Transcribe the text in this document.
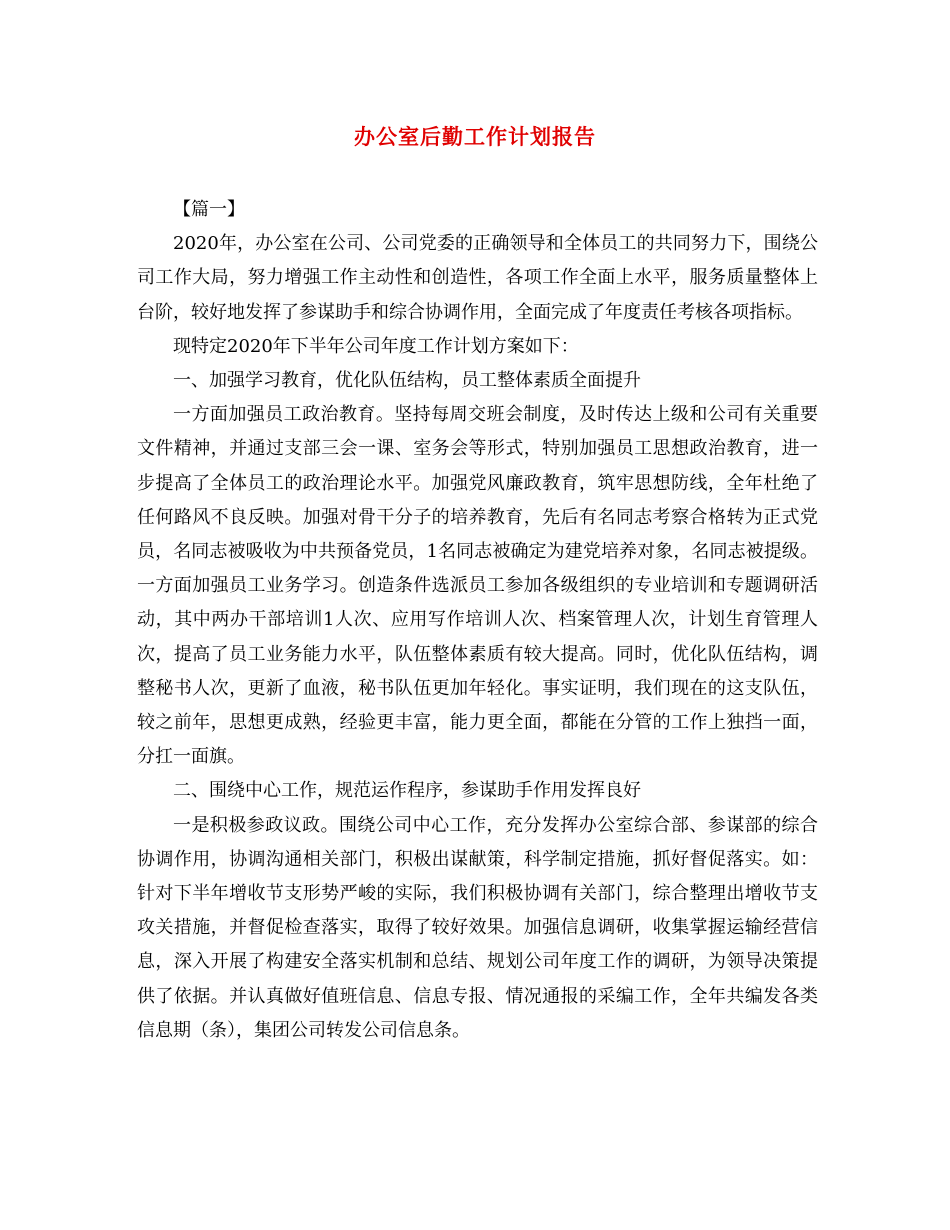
办公室后勤工作计划报告

【篇一】

2020年，办公室在公司、公司党委的正确领导和全体员工的共同努力下，围绕公司工作大局，努力增强工作主动性和创造性，各项工作全面上水平，服务质量整体上台阶，较好地发挥了参谋助手和综合协调作用，全面完成了年度责任考核各项指标。

现特定2020年下半年公司年度工作计划方案如下：

一、加强学习教育，优化队伍结构，员工整体素质全面提升

一方面加强员工政治教育。坚持每周交班会制度，及时传达上级和公司有关重要文件精神，并通过支部三会一课、室务会等形式，特别加强员工思想政治教育，进一步提高了全体员工的政治理论水平。加强党风廉政教育，筑牢思想防线，全年杜绝了任何路风不良反映。加强对骨干分子的培养教育，先后有名同志考察合格转为正式党员，名同志被吸收为中共预备党员，1名同志被确定为建党培养对象，名同志被提级。一方面加强员工业务学习。创造条件选派员工参加各级组织的专业培训和专题调研活动，其中两办干部培训1人次、应用写作培训人次、档案管理人次，计划生育管理人次，提高了员工业务能力水平，队伍整体素质有较大提高。同时，优化队伍结构，调整秘书人次，更新了血液，秘书队伍更加年轻化。事实证明，我们现在的这支队伍，较之前年，思想更成熟，经验更丰富，能力更全面，都能在分管的工作上独挡一面，分扛一面旗。

二、围绕中心工作，规范运作程序，参谋助手作用发挥良好

一是积极参政议政。围绕公司中心工作，充分发挥办公室综合部、参谋部的综合协调作用，协调沟通相关部门，积极出谋献策，科学制定措施，抓好督促落实。如：针对下半年增收节支形势严峻的实际，我们积极协调有关部门，综合整理出增收节支攻关措施，并督促检查落实，取得了较好效果。加强信息调研，收集掌握运输经营信息，深入开展了构建安全落实机制和总结、规划公司年度工作的调研，为领导决策提供了依据。并认真做好值班信息、信息专报、情况通报的采编工作，全年共编发各类信息期（条），集团公司转发公司信息条。
